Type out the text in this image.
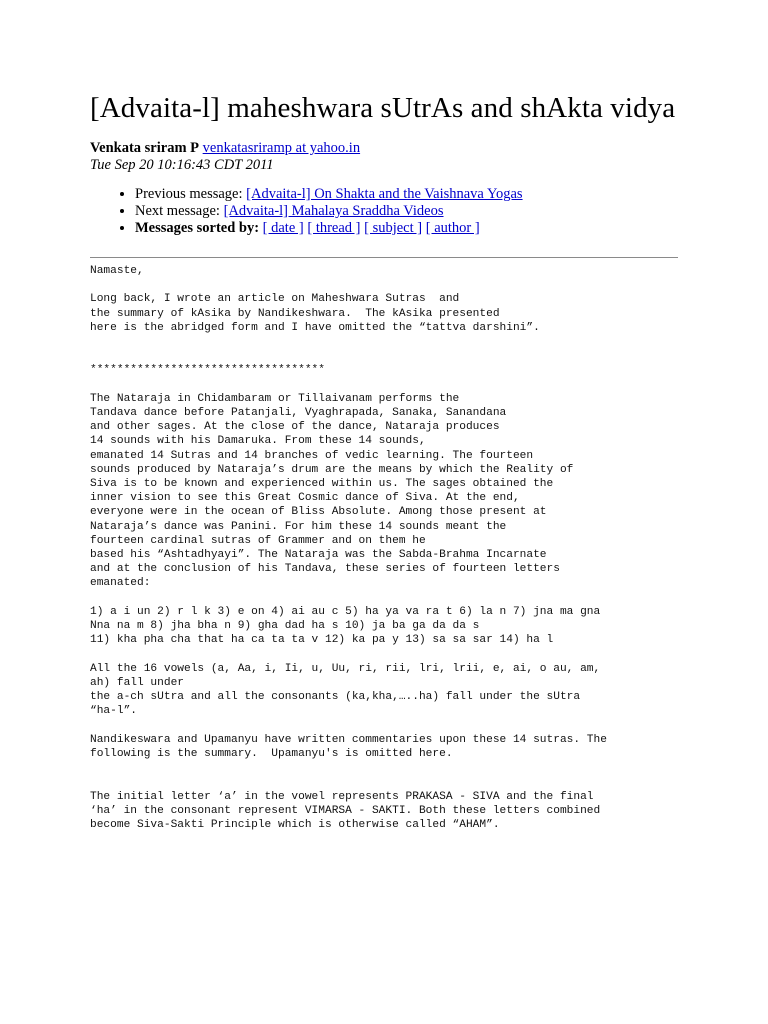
[Advaita-l] maheshwara sUtrAs and shAkta vidya
Venkata sriram P venkatasriramp at yahoo.in
Tue Sep 20 10:16:43 CDT 2011
• Previous message: [Advaita-l] On Shakta and the Vaishnava Yogas
• Next message: [Advaita-l] Mahalaya Sraddha Videos
• Messages sorted by: [ date ] [ thread ] [ subject ] [ author ]
Namaste,

Long back, I wrote an article on Maheshwara Sutras  and
the summary of kAsika by Nandikeshwara.  The kAsika presented
here is the abridged form and I have omitted the “tattva darshini”.

***********************************

The Nataraja in Chidambaram or Tillaivanam performs the
Tandava dance before Patanjali, Vyaghrapada, Sanaka, Sanandana
and other sages. At the close of the dance, Nataraja produces
14 sounds with his Damaruka. From these 14 sounds,
emanated 14 Sutras and 14 branches of vedic learning. The fourteen
sounds produced by Nataraja’s drum are the means by which the Reality of
Siva is to be known and experienced within us. The sages obtained the
inner vision to see this Great Cosmic dance of Siva. At the end,
everyone were in the ocean of Bliss Absolute. Among those present at
Nataraja’s dance was Panini. For him these 14 sounds meant the
fourteen cardinal sutras of Grammer and on them he
based his “Ashtadhyayi”. The Nataraja was the Sabda-Brahma Incarnate
and at the conclusion of his Tandava, these series of fourteen letters
emanated:

1) a i un 2) r l k 3) e on 4) ai au c 5) ha ya va ra t 6) la n 7) jna ma gna
Nna na m 8) jha bha n 9) gha dad ha s 10) ja ba ga da da s
11) kha pha cha that ha ca ta ta v 12) ka pa y 13) sa sa sar 14) ha l

All the 16 vowels (a, Aa, i, Ii, u, Uu, ri, rii, lri, lrii, e, ai, o au, am,
ah) fall under
the a-ch sUtra and all the consonants (ka,kha,…..ha) fall under the sUtra
“ha-l”.

Nandikeswara and Upamanyu have written commentaries upon these 14 sutras. The
following is the summary.  Upamanyu's is omitted here.

The initial letter ‘a’ in the vowel represents PRAKASA - SIVA and the final
‘ha’ in the consonant represent VIMARSA - SAKTI. Both these letters combined
become Siva-Sakti Principle which is otherwise called “AHAM”.
